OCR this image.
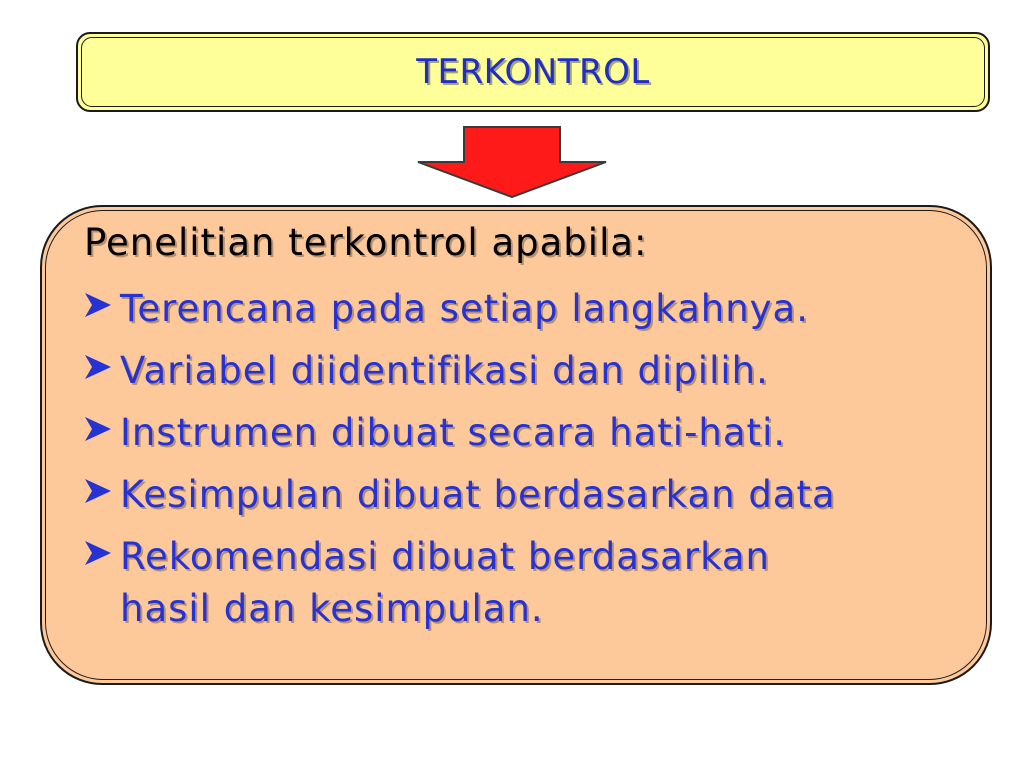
TERKONTROL
Penelitian terkontrol apabila:
Terencana pada setiap langkahnya.
Variabel diidentifikasi dan dipilih.
Instrumen dibuat secara hati-hati.
Kesimpulan dibuat berdasarkan data
Rekomendasi dibuat berdasarkan
hasil dan kesimpulan.
